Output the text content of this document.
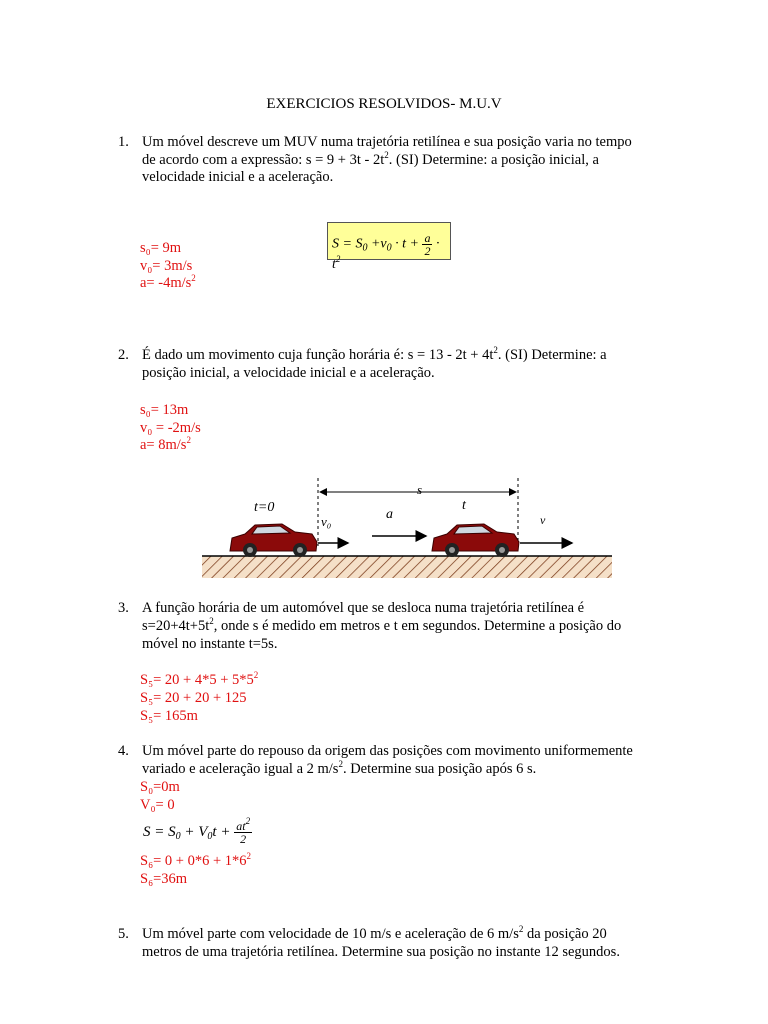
EXERCICIOS RESOLVIDOS- M.U.V
1. Um móvel descreve um MUV numa trajetória retilínea e sua posição varia no tempo
de acordo com a expressão: $s = 9 + 3t - 2t^2$. (SI) Determine: a posição inicial, a
velocidade inicial e a aceleração.
$S = S_0 +v_0 \cdot t + \frac{a}{2} \cdot t^2$
s₀= 9m
v₀= 3m/s
$a= -4m/s^2$
2. É dado um movimento cuja função horária é: $s = 13 - 2t + 4t^2$. (SI) Determine: a
posição inicial, a velocidade inicial e a aceleração.
s₀= 13m
v₀ = -2m/s
$a= 8m/s^2$
t=0
v₀	a
s
t
v
3. A função horária de um automóvel que se desloca numa trajetória retilínea é
$s=20+4t+5t^2$, onde s é medido em metros e t em segundos. Determine a posição do
móvel no instante t=5s.
$S_5= 20 + 4*5 + 5*5^2$
S₅= 20 + 20 + 125
S₅= 165m
4. Um móvel parte do repouso da origem das posições com movimento uniformemente
variado e aceleração igual a 2 $m/s^2$. Determine sua posição após 6 s.
S₀=0m
V₀= 0
$S = S_0 + V_0t + \frac{at^2}{2}$
$S_6= 0 + 0*6 + 1*6^2$
S₆=36m
5. Um móvel parte com velocidade de 10 m/s e aceleração de 6 $m/s^2$ da posição 20
metros de uma trajetória retilínea. Determine sua posição no instante 12 segundos.
